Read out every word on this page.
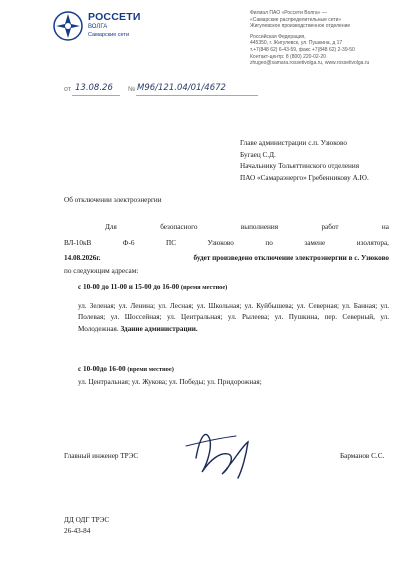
РОССЕТИ
ВОЛГА
Самарские сети
Филиал ПАО «Россети Волга» —
«Самарские распределительные сети»
Жигулевское производственное отделение
Российская Федерация,
445350, г. Жигулевск, ул. Пушкина, д 17
т.+7(848 62) 6-43-59, факс +7(848 62) 2-39-50
Контакт-центр: 8 (800) 220-02-20
zhugeo@samara.rossetivolga.ru, www.rossetivolga.ru
от 13.08.26 № М96/121.04/01/4672
Главе администрации с.п. Узюково
Бугаец С.Д.
Начальнику Тольяттинского отделения
ПАО «Самараэнерго» Гребенникову А.Ю.
Об отключении электроэнергии
Для	безопасного	выполнения	работ	на
ВЛ-10кВ	Ф-6	ПС	Узюково	по	замене	изолятора,
14.08.2026г.	будет произведено отключение электроэнергии в с. Узюково
по следующим адресам:
с 10-00 до 11-00 и 15-00 до 16-00 (время местное)
ул. Зеленая; ул. Ленина; ул. Лесная; ул. Школьная; ул. Куйбышева; ул. Северная; ул. Банная; ул. Полевая; ул. Шоссейная; ул. Центральная; ул. Рылеева; ул. Пушкина, пер. Северный, ул. Молодежная. Здание администрации.
с 10-00до 16-00 (время местное)
ул. Центральная; ул. Жукова; ул. Победы; ул. Придорожная;
Главный инженер ТРЭС	Барманов С.С.
ДД ОДГ ТРЭС
26-43-84
